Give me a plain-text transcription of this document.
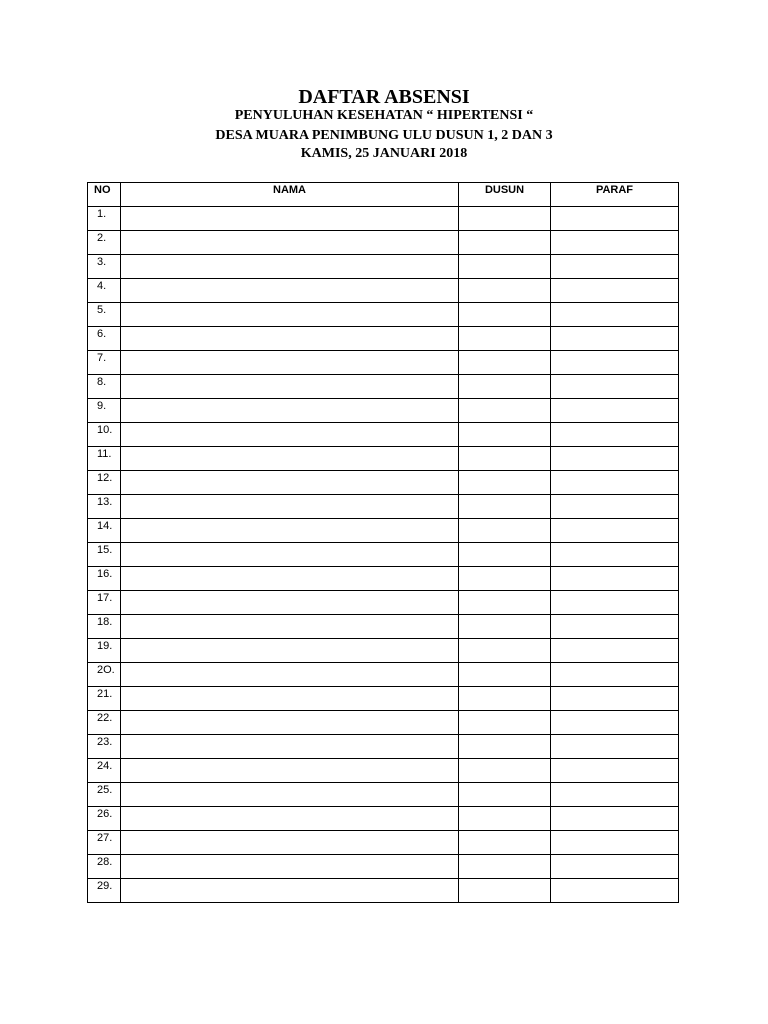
DAFTAR ABSENSI
PENYULUHAN KESEHATAN “ HIPERTENSI “
DESA MUARA PENIMBUNG ULU DUSUN 1, 2 DAN 3
KAMIS, 25 JANUARI 2018
NO	NAMA	DUSUN	PARAF
1.			
2.			
3.			
4.			
5.			
6.			
7.			
8.			
9.			
10.			
11.			
12.			
13.			
14.			
15.			
16.			
17.			
18.			
19.			
2O.			
21.			
22.			
23.			
24.			
25.			
26.			
27.			
28.			
29.			
